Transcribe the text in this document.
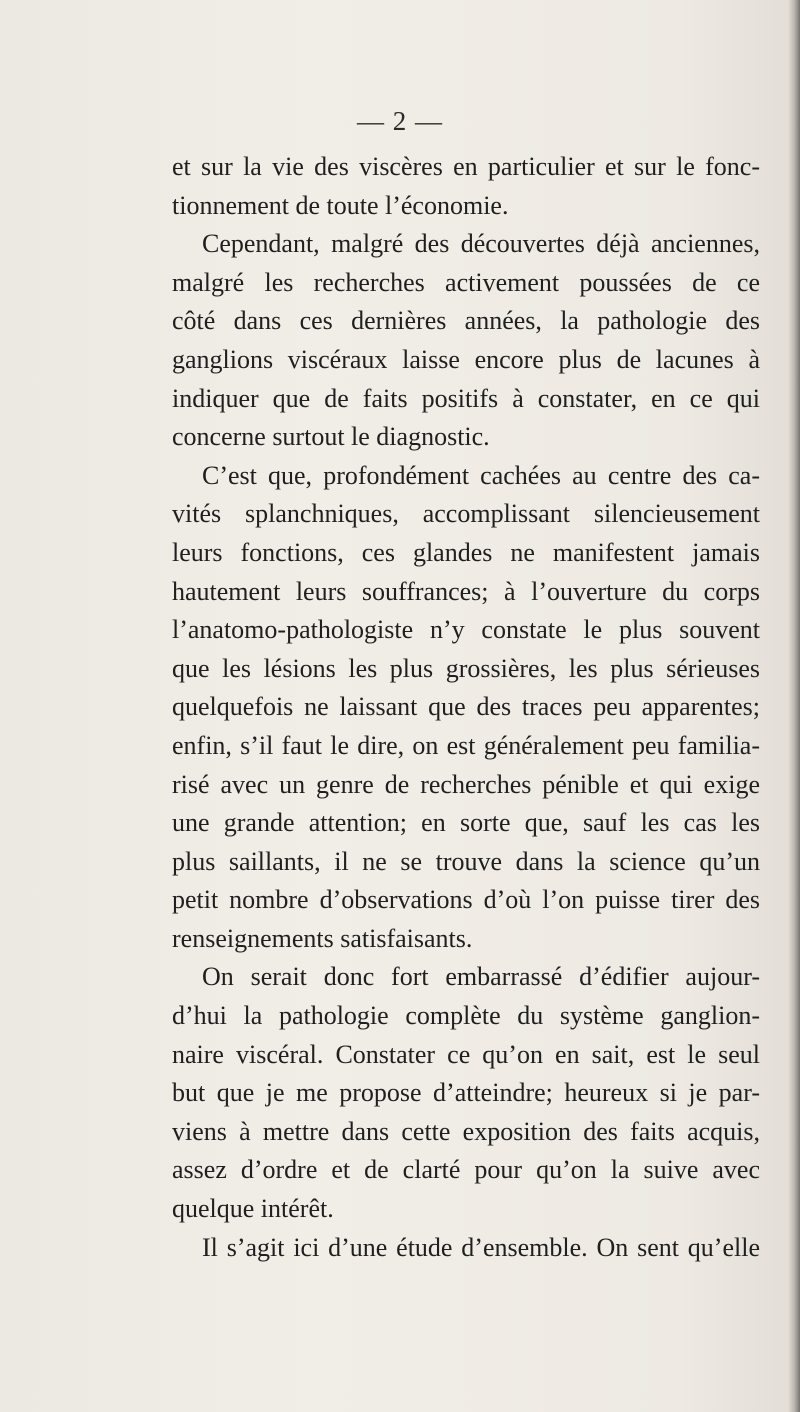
— 2 —
et sur la vie des viscères en particulier et sur le fonc-
tionnement de toute l’économie.
Cependant, malgré des découvertes déjà anciennes,
malgré les recherches activement poussées de ce
côté dans ces dernières années, la pathologie des
ganglions viscéraux laisse encore plus de lacunes à
indiquer que de faits positifs à constater, en ce qui
concerne surtout le diagnostic.
C’est que, profondément cachées au centre des ca-
vités splanchniques, accomplissant silencieusement
leurs fonctions, ces glandes ne manifestent jamais
hautement leurs souffrances; à l’ouverture du corps
l’anatomo-pathologiste n’y constate le plus souvent
que les lésions les plus grossières, les plus sérieuses
quelquefois ne laissant que des traces peu apparentes;
enfin, s’il faut le dire, on est généralement peu familia-
risé avec un genre de recherches pénible et qui exige
une grande attention; en sorte que, sauf les cas les
plus saillants, il ne se trouve dans la science qu’un
petit nombre d’observations d’où l’on puisse tirer des
renseignements satisfaisants.
On serait donc fort embarrassé d’édifier aujour-
d’hui la pathologie complète du système ganglion-
naire viscéral. Constater ce qu’on en sait, est le seul
but que je me propose d’atteindre; heureux si je par-
viens à mettre dans cette exposition des faits acquis,
assez d’ordre et de clarté pour qu’on la suive avec
quelque intérêt.
Il s’agit ici d’une étude d’ensemble. On sent qu’elle
